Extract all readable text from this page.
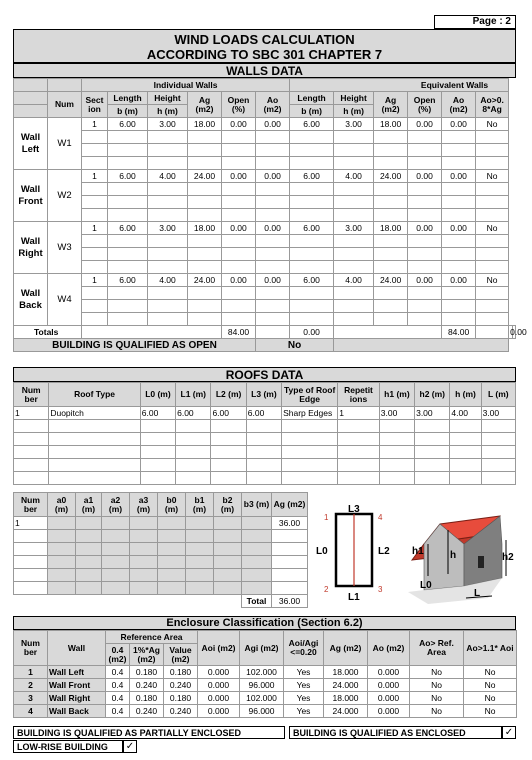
Page : 2
WIND LOADS CALCULATION
ACCORDING TO SBC 301 CHAPTER 7
WALLS DATA
		Individual Walls						Equivalent Walls							
	Num	Sect ion	Length	Height	Ag (m2)	Open (%)	Ao (m2)	Length	Height	Ag (m2)	Open (%)	Ao (m2)	Ao>0. 8*Ag		
			b (m)	h (m)				b (m)	h (m)						
Wall Left	W1	1	6.00	3.00	18.00	0.00	0.00	6.00	3.00	18.00	0.00	0.00	No		

Wall Front	W2	1	6.00	4.00	24.00	0.00	0.00	6.00	4.00	24.00	0.00	0.00	No		

Wall Right	W3	1	6.00	3.00	18.00	0.00	0.00	6.00	3.00	18.00	0.00	0.00	No		

Wall Back	W4	1	6.00	4.00	24.00	0.00	0.00	6.00	4.00	24.00	0.00	0.00	No		

Totals						84.00		0.00				84.00		0.00	
BUILDING IS QUALIFIED AS OPEN							No								
ROOFS DATA
Num ber	Roof Type	L0 (m)	L1 (m)	L2 (m)	L3 (m)	Type of Roof Edge	Repetit ions	h1 (m)	h2 (m)	h (m)	L (m)
1	Duopitch	6.00	6.00	6.00	6.00	Sharp Edges	1	3.00	3.00	4.00	3.00

Num ber	a0 (m)	a1 (m)	a2 (m)	a3 (m)	b0 (m)	b1 (m)	b2 (m)	b3 (m)	Ag (m2)
1									36.00

								Total	36.00
L3
L0	L2
L1
1	4
2	3
h1	h	h2
L0
L
Enclosure Classification (Section 6.2)
Num ber	Wall	Reference Area			Aoi (m2)	Agi (m2)	Aoi/Agi <=0.20	Ag (m2)	Ao (m2)	Ao> Ref. Area	Ao>1.1* Aoi
		0.4 (m2)	1%*Ag (m2)	Value (m2)							
1	Wall Left	0.4	0.180	0.180	0.000	102.000	Yes	18.000	0.000	No	No
2	Wall Front	0.4	0.240	0.240	0.000	96.000	Yes	24.000	0.000	No	No
3	Wall Right	0.4	0.180	0.180	0.000	102.000	Yes	18.000	0.000	No	No
4	Wall Back	0.4	0.240	0.240	0.000	96.000	Yes	24.000	0.000	No	No
BUILDING IS QUALIFIED AS PARTIALLY ENCLOSED	BUILDING IS QUALIFIED AS ENCLOSED	✓
LOW-RISE BUILDING	✓
